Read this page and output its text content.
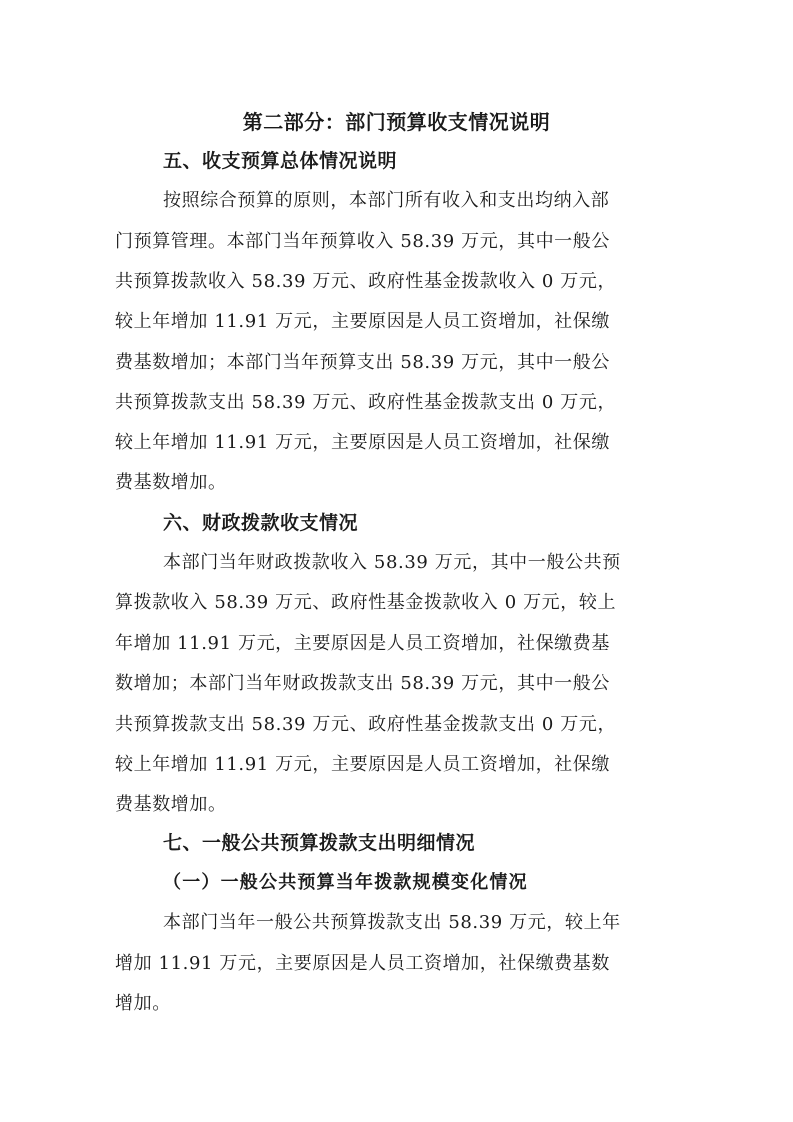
第二部分：部门预算收支情况说明
五、收支预算总体情况说明
按照综合预算的原则，本部门所有收入和支出均纳入部
门预算管理。本部门当年预算收入 58.39 万元，其中一般公
共预算拨款收入 58.39 万元、政府性基金拨款收入 0 万元，
较上年增加 11.91 万元，主要原因是人员工资增加，社保缴
费基数增加；本部门当年预算支出 58.39 万元，其中一般公
共预算拨款支出 58.39 万元、政府性基金拨款支出 0 万元，
较上年增加 11.91 万元，主要原因是人员工资增加，社保缴
费基数增加。
六、财政拨款收支情况
本部门当年财政拨款收入 58.39 万元，其中一般公共预
算拨款收入 58.39 万元、政府性基金拨款收入 0 万元，较上
年增加 11.91 万元，主要原因是人员工资增加，社保缴费基
数增加；本部门当年财政拨款支出 58.39 万元，其中一般公
共预算拨款支出 58.39 万元、政府性基金拨款支出 0 万元，
较上年增加 11.91 万元，主要原因是人员工资增加，社保缴
费基数增加。
七、一般公共预算拨款支出明细情况
（一）一般公共预算当年拨款规模变化情况
本部门当年一般公共预算拨款支出 58.39 万元，较上年
增加 11.91 万元，主要原因是人员工资增加，社保缴费基数
增加。
